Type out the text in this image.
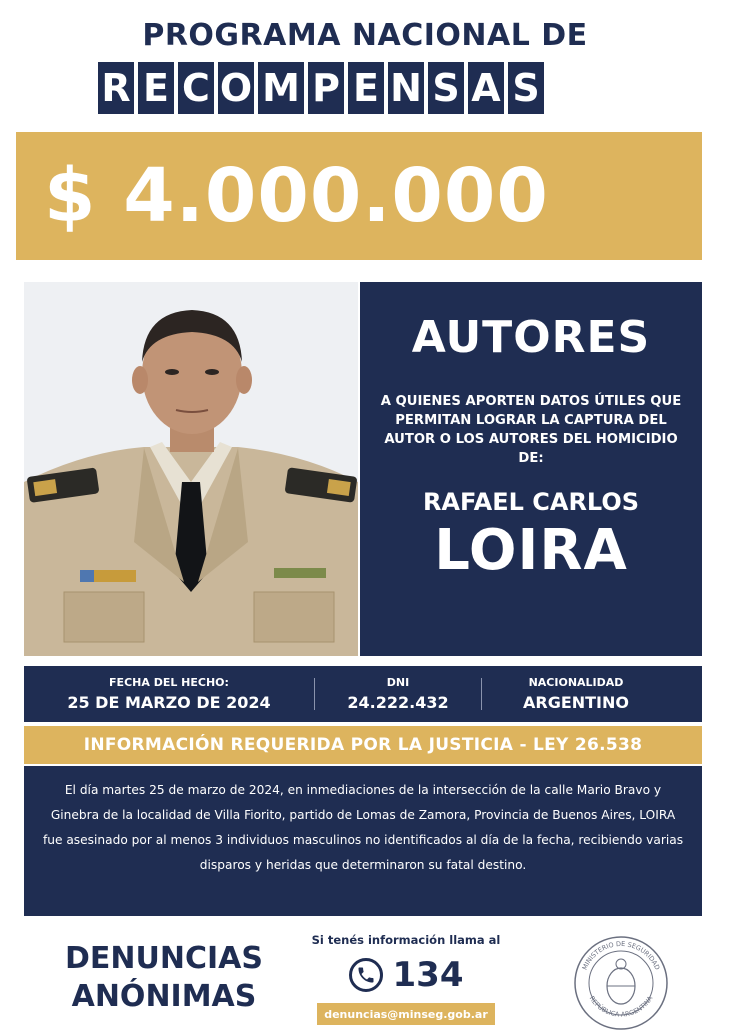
PROGRAMA NACIONAL DE
R E C O M P E N S A S
$ 4.000.000
AUTORES
A QUIENES APORTEN DATOS ÚTILES QUE PERMITAN LOGRAR LA CAPTURA DEL AUTOR O LOS AUTORES DEL HOMICIDIO DE:
RAFAEL CARLOS
LOIRA
FECHA DEL HECHO:
25 DE MARZO DE 2024
DNI
24.222.432
NACIONALIDAD
ARGENTINO
INFORMACIÓN REQUERIDA POR LA JUSTICIA - LEY 26.538
El día martes 25 de marzo de 2024, en inmediaciones de la intersección de la calle Mario Bravo y Ginebra de la localidad de Villa Fiorito, partido de Lomas de Zamora, Provincia de Buenos Aires, LOIRA fue asesinado por al menos 3 individuos masculinos no identificados al día de la fecha, recibiendo varias disparos y heridas que determinaron su fatal destino.
DENUNCIAS
ANÓNIMAS
Si tenés información llama al
134
denuncias@minseg.gob.ar
MINISTERIO DE SEGURIDAD
REPÚBLICA ARGENTINA
